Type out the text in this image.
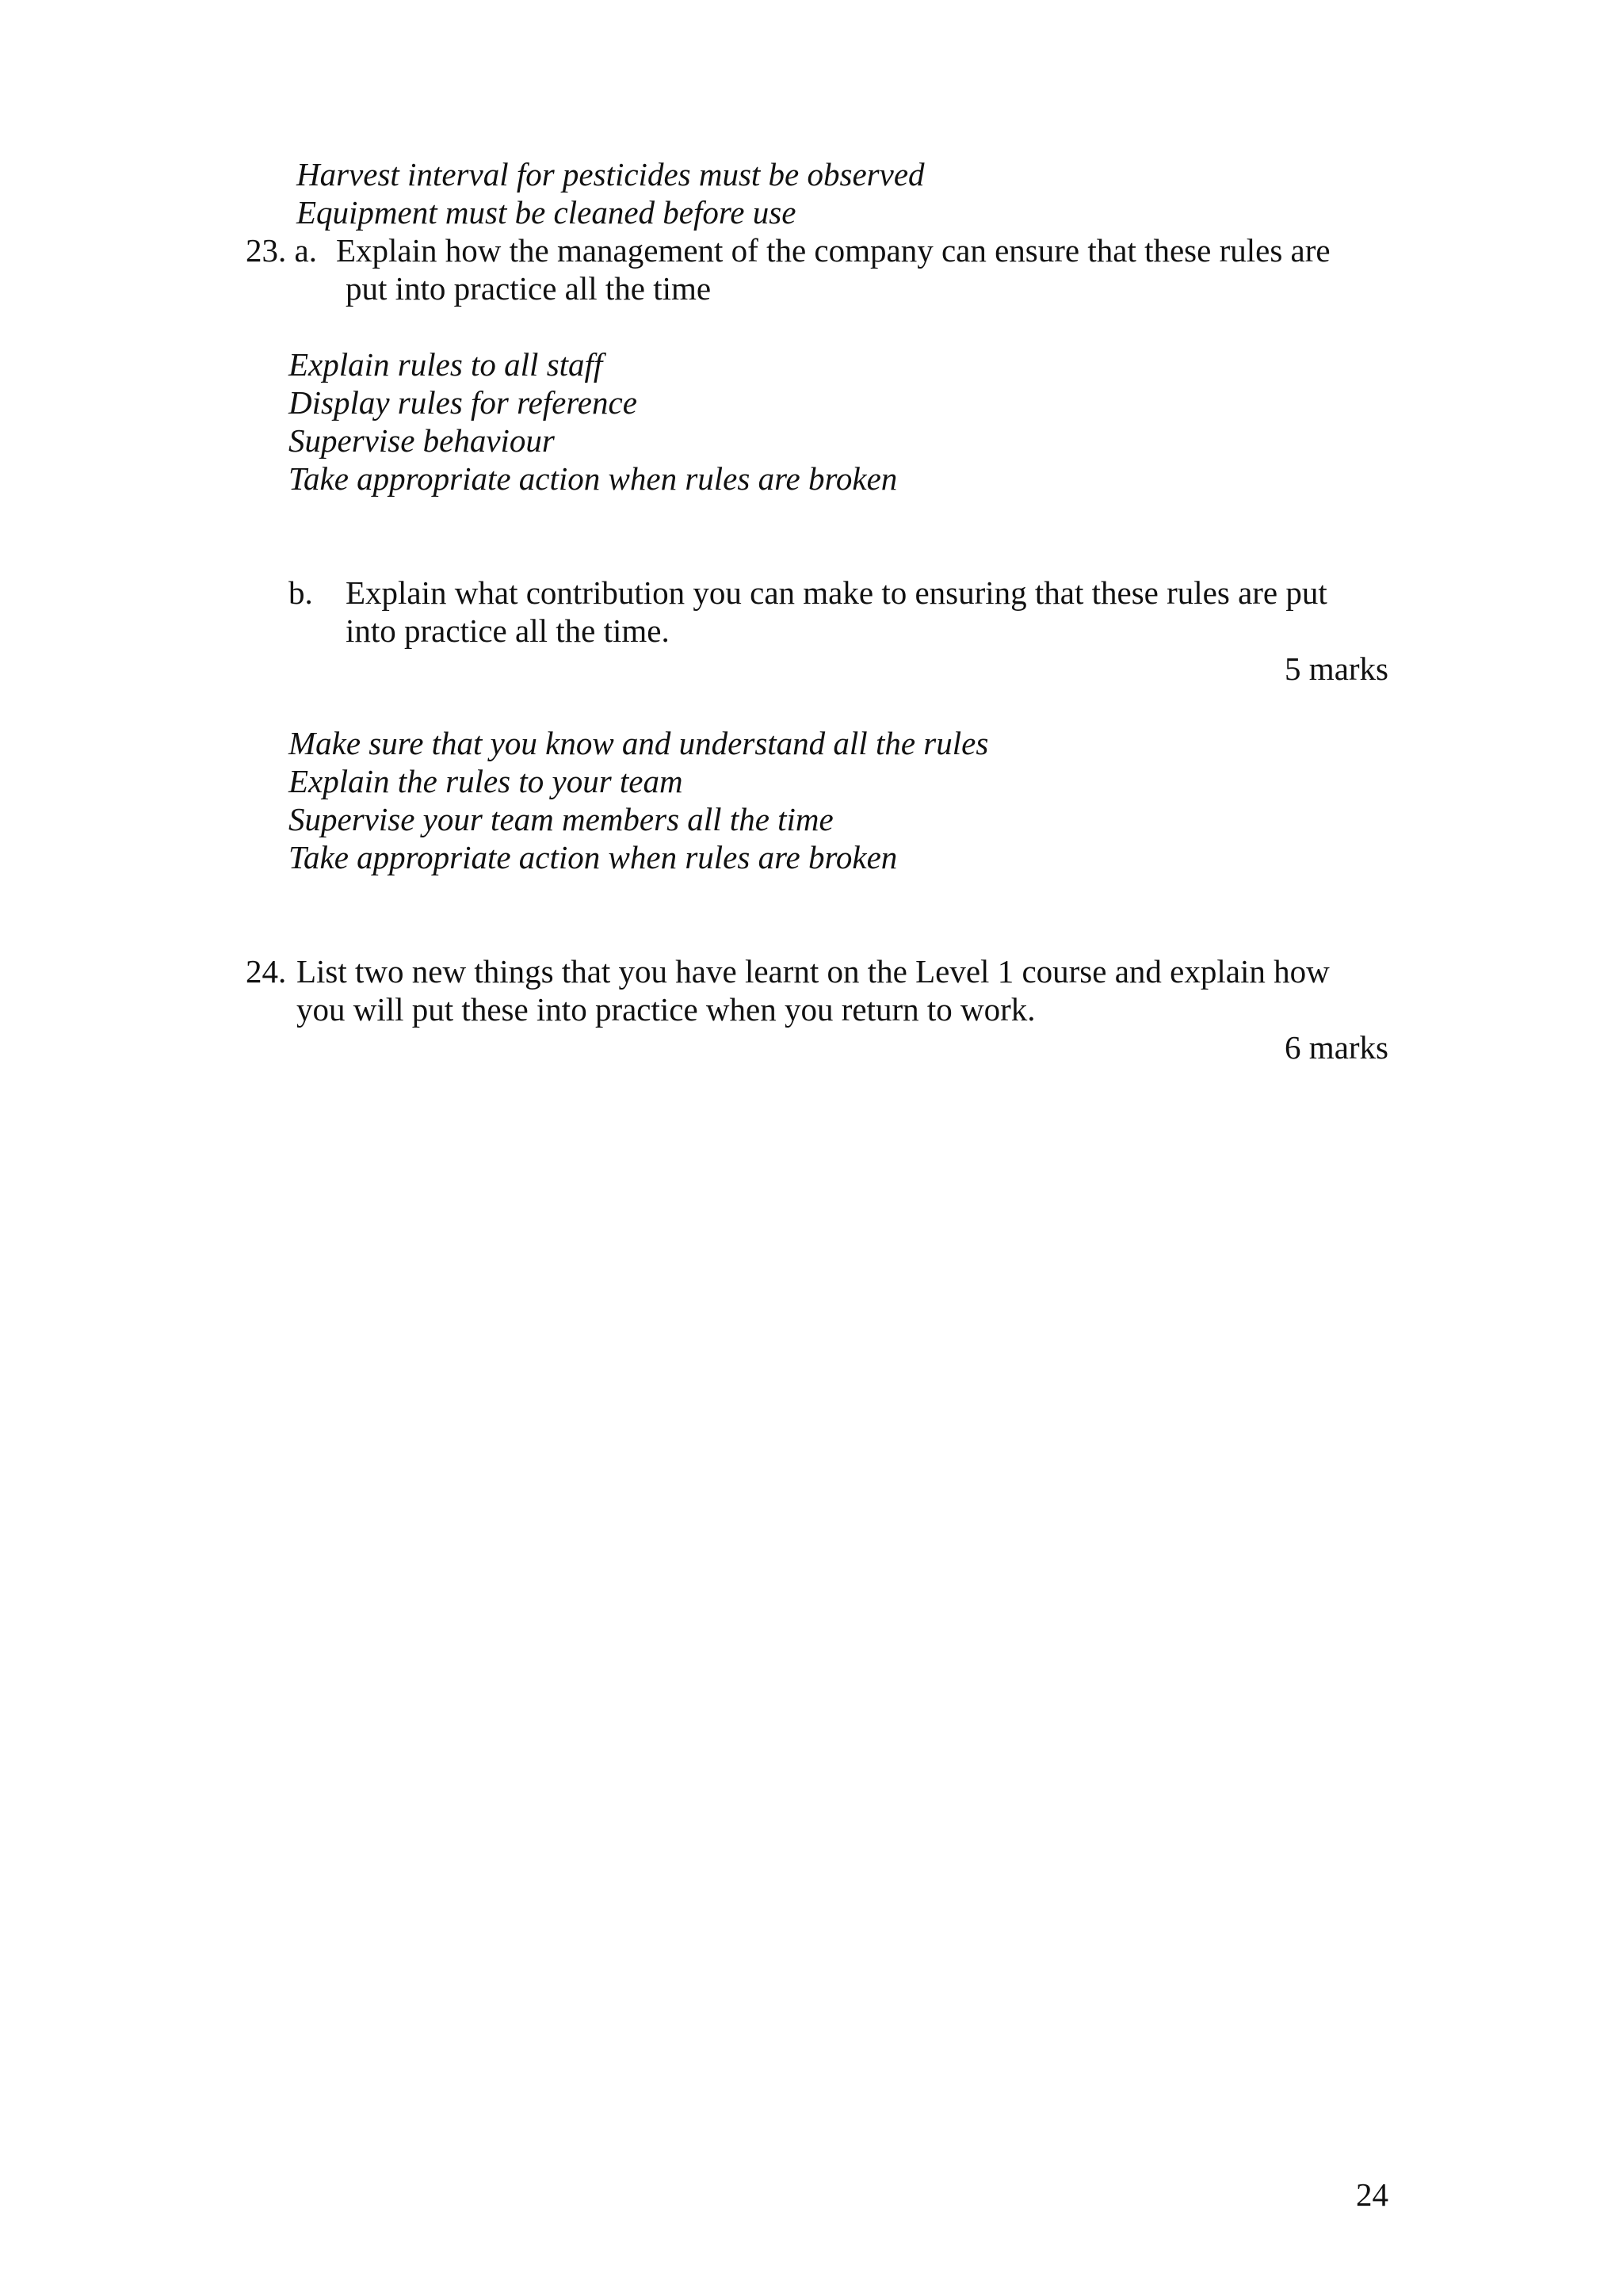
Harvest interval for pesticides must be observed

Equipment must be cleaned before use

23. a. Explain how the management of the company can ensure that these rules are

put into practice all the time

Explain rules to all staff

Display rules for reference

Supervise behaviour

Take appropriate action when rules are broken

b. Explain what contribution you can make to ensuring that these rules are put

into practice all the time.

5 marks

Make sure that you know and understand all the rules

Explain the rules to your team

Supervise your team members all the time

Take appropriate action when rules are broken

24. List two new things that you have learnt on the Level 1 course and explain how

you will put these into practice when you return to work.

6 marks

24
